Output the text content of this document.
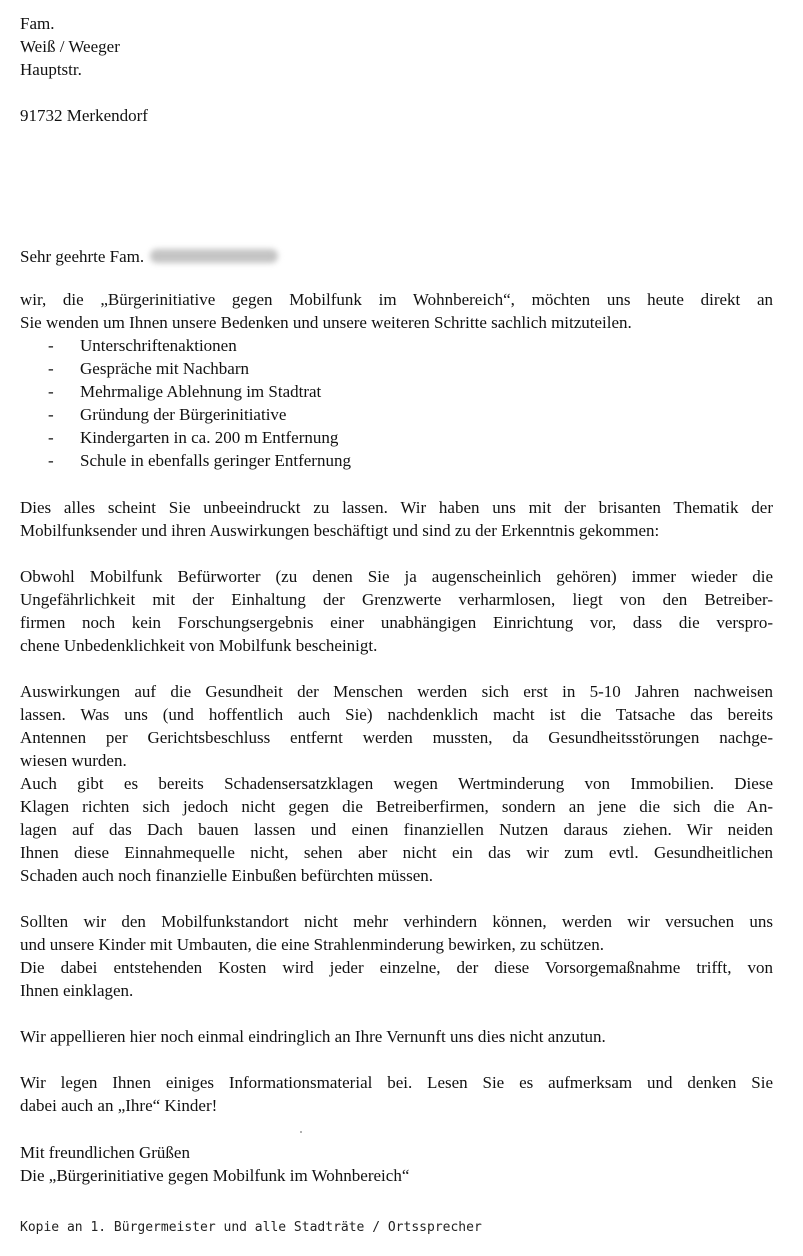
Fam.
Weiß / Weeger
Hauptstr.
91732 Merkendorf
Sehr geehrte Fam.
wir, die „Bürgerinitiative gegen Mobilfunk im Wohnbereich“, möchten uns heute direkt an
Sie wenden um Ihnen unsere Bedenken und unsere weiteren Schritte sachlich mitzuteilen.
- Unterschriftenaktionen
- Gespräche mit Nachbarn
- Mehrmalige Ablehnung im Stadtrat
- Gründung der Bürgerinitiative
- Kindergarten in ca. 200 m Entfernung
- Schule in ebenfalls geringer Entfernung
Dies alles scheint Sie unbeeindruckt zu lassen. Wir haben uns mit der brisanten Thematik der
Mobilfunksender und ihren Auswirkungen beschäftigt und sind zu der Erkenntnis gekommen:
Obwohl Mobilfunk Befürworter (zu denen Sie ja augenscheinlich gehören) immer wieder die
Ungefährlichkeit mit der Einhaltung der Grenzwerte verharmlosen, liegt von den Betreiber-
firmen noch kein Forschungsergebnis einer unabhängigen Einrichtung vor, dass die verspro-
chene Unbedenklichkeit von Mobilfunk bescheinigt.
Auswirkungen auf die Gesundheit der Menschen werden sich erst in 5-10 Jahren nachweisen
lassen. Was uns (und hoffentlich auch Sie) nachdenklich macht ist die Tatsache das bereits
Antennen per Gerichtsbeschluss entfernt werden mussten, da Gesundheitsstörungen nachge-
wiesen wurden.
Auch gibt es bereits Schadensersatzklagen wegen Wertminderung von Immobilien. Diese
Klagen richten sich jedoch nicht gegen die Betreiberfirmen, sondern an jene die sich die An-
lagen auf das Dach bauen lassen und einen finanziellen Nutzen daraus ziehen. Wir neiden
Ihnen diese Einnahmequelle nicht, sehen aber nicht ein das wir zum evtl. Gesundheitlichen
Schaden auch noch finanzielle Einbußen befürchten müssen.
Sollten wir den Mobilfunkstandort nicht mehr verhindern können, werden wir versuchen uns
und unsere Kinder mit Umbauten, die eine Strahlenminderung bewirken, zu schützen.
Die dabei entstehenden Kosten wird jeder einzelne, der diese Vorsorgemaßnahme trifft, von
Ihnen einklagen.
Wir appellieren hier noch einmal eindringlich an Ihre Vernunft uns dies nicht anzutun.
Wir legen Ihnen einiges Informationsmaterial bei. Lesen Sie es aufmerksam und denken Sie
dabei auch an „Ihre“ Kinder!
Mit freundlichen Grüßen
Die „Bürgerinitiative gegen Mobilfunk im Wohnbereich“
Kopie an 1. Bürgermeister und alle Stadträte / Ortssprecher
